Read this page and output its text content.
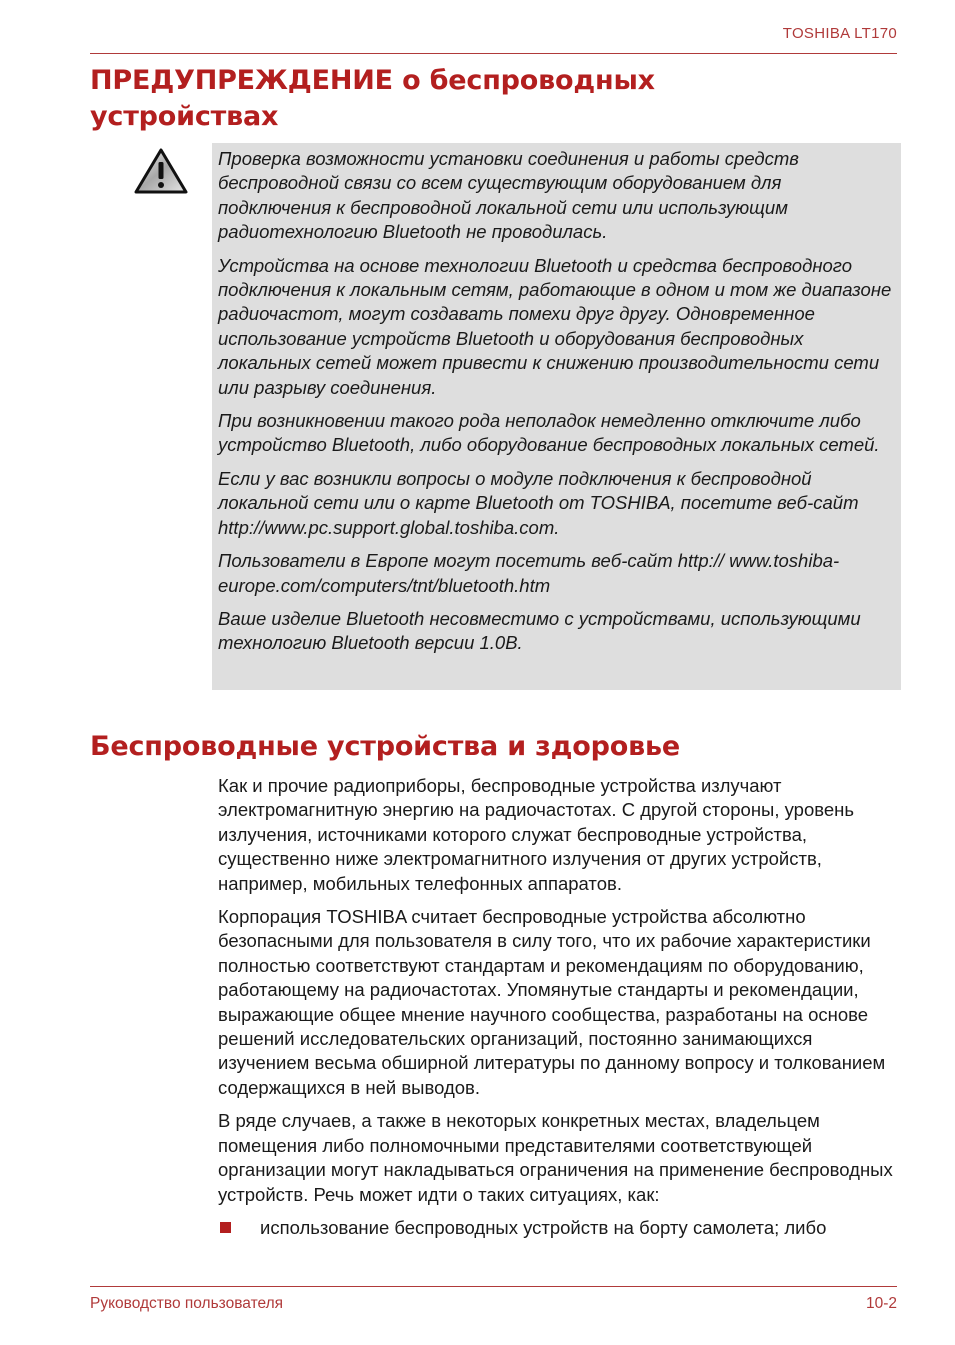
TOSHIBA LT170
ПРЕДУПРЕЖДЕНИЕ о беспроводных устройствах

Проверка возможности установки соединения и работы средств беспроводной связи со всем существующим оборудованием для подключения к беспроводной локальной сети или использующим радиотехнологию Bluetooth не проводилась.

Устройства на основе технологии Bluetooth и средства беспроводного подключения к локальным сетям, работающие в одном и том же диапазоне радиочастот, могут создавать помехи друг другу. Одновременное использование устройств Bluetooth и оборудования беспроводных локальных сетей может привести к снижению производительности сети или разрыву соединения.

При возникновении такого рода неполадок немедленно отключите либо устройство Bluetooth, либо оборудование беспроводных локальных сетей.

Если у вас возникли вопросы о модуле подключения к беспроводной локальной сети или о карте Bluetooth от TOSHIBA, посетите веб-сайт http://www.pc.support.global.toshiba.com.

Пользователи в Европе могут посетить веб-сайт http:// www.toshiba-europe.com/computers/tnt/bluetooth.htm

Ваше изделие Bluetooth несовместимо с устройствами, использующими технологию Bluetooth версии 1.0B.

Беспроводные устройства и здоровье

Как и прочие радиоприборы, беспроводные устройства излучают электромагнитную энергию на радиочастотах. С другой стороны, уровень излучения, источниками которого служат беспроводные устройства, существенно ниже электромагнитного излучения от других устройств, например, мобильных телефонных аппаратов.

Корпорация TOSHIBA считает беспроводные устройства абсолютно безопасными для пользователя в силу того, что их рабочие характеристики полностью соответствуют стандартам и рекомендациям по оборудованию, работающему на радиочастотах. Упомянутые стандарты и рекомендации, выражающие общее мнение научного сообщества, разработаны на основе решений исследовательских организаций, постоянно занимающихся изучением весьма обширной литературы по данному вопросу и толкованием содержащихся в ней выводов.

В ряде случаев, а также в некоторых конкретных местах, владельцем помещения либо полномочными представителями соответствующей организации могут накладываться ограничения на применение беспроводных устройств. Речь может идти о таких ситуациях, как:

использование беспроводных устройств на борту самолета; либо
Руководство пользователя	10-2
